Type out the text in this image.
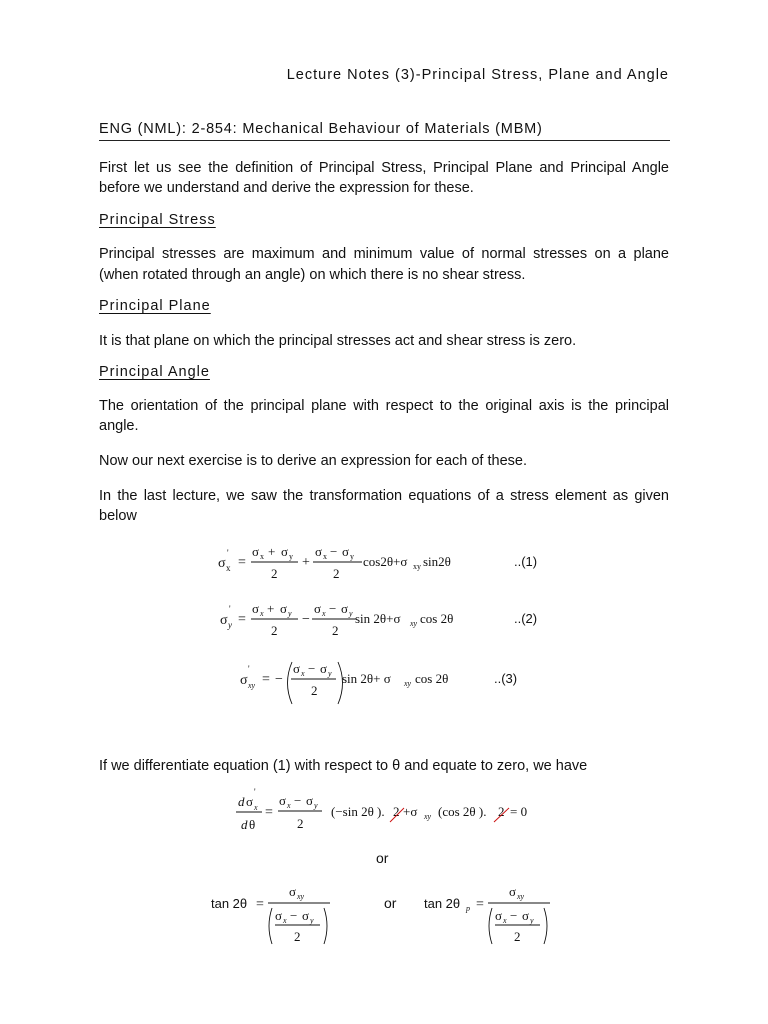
Lecture Notes (3)-Principal Stress, Plane and Angle
ENG (NML): 2-854: Mechanical Behaviour of Materials (MBM)
First let us see the definition of Principal Stress, Principal Plane and Principal Angle before we understand and derive the expression for these.
Principal Stress
Principal stresses are maximum and minimum value of normal stresses on a plane (when rotated through an angle) on which there is no shear stress.
Principal Plane
It is that plane on which the principal stresses act and shear stress is zero.
Principal Angle
The orientation of the principal plane with respect to the original axis is the principal angle.
Now our next exercise is to derive an expression for each of these.
In the last lecture, we saw the transformation equations of a stress element as given below
If we differentiate equation (1) with respect to θ and equate to zero, we have
σ x
'
=
σ x + σ y
2
+
σ x − σ y
2
cos2θ+σ xy sin2θ	..(1)
σ y
'
=
σ x + σ y
2
−
σ x − σ y
2
sin 2θ+σ xy cos 2θ	..(2)
σ xy
'
= −
σ x − σ y
2
sin 2θ+ σ xy cos 2θ	..(3)
d σ x
'
d θ
=
σ x − σ y
2
(−sin 2θ ). 2 +σ xy (cos 2θ ). 2 = 0
or
tan 2θ =
σ xy
σ x − σ y
2
or tan 2θ p =
σ xy
σ x − σ y
2
